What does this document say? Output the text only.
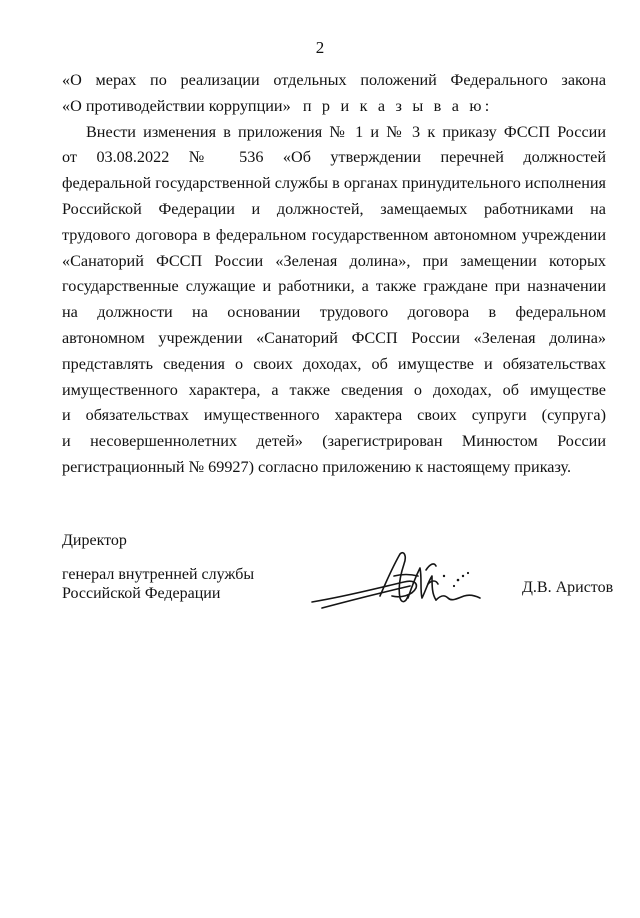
2
«О мерах по реализации отдельных положений Федерального закона
«О противодействии коррупции» п р и к а з ы в а ю:
Внести изменения в приложения № 1 и № 3 к приказу ФССП России
от 03.08.2022 № 536 «Об утверждении перечней должностей
федеральной государственной службы в органах принудительного исполнения
Российской Федерации и должностей, замещаемых работниками на
трудового договора в федеральном государственном автономном учреждении
«Санаторий ФССП России «Зеленая долина», при замещении которых
государственные служащие и работники, а также граждане при назначении
на должности на основании трудового договора в федеральном
автономном учреждении «Санаторий ФССП России «Зеленая долина»
представлять сведения о своих доходах, об имуществе и обязательствах
имущественного характера, а также сведения о доходах, об имуществе
и обязательствах имущественного характера своих супруги (супруга)
и несовершеннолетних детей» (зарегистрирован Минюстом России
регистрационный № 69927) согласно приложению к настоящему приказу.
Директор
генерал внутренней службы
Российской Федерации	Д.В. Аристов
